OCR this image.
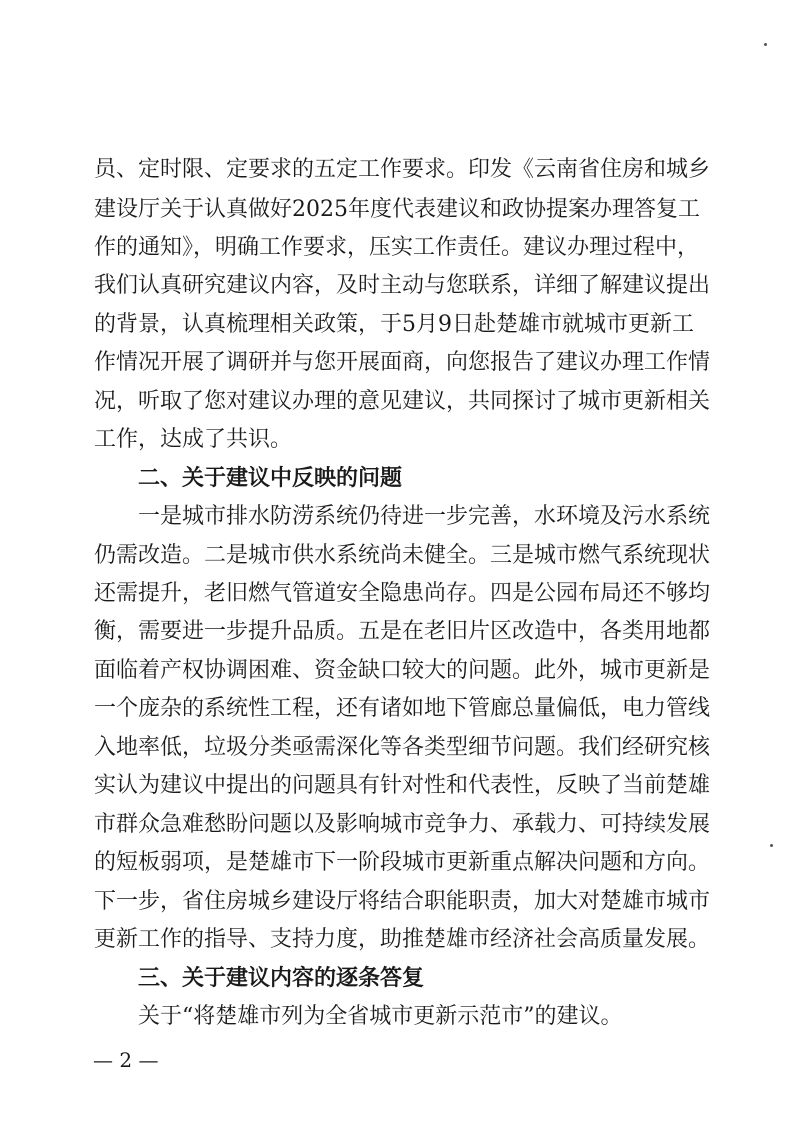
员、定时限、定要求的五定工作要求。印发《云南省住房和城乡
建设厅关于认真做好2025年度代表建议和政协提案办理答复工
作的通知》，明确工作要求，压实工作责任。建议办理过程中，
我们认真研究建议内容，及时主动与您联系，详细了解建议提出
的背景，认真梳理相关政策，于5月9日赴楚雄市就城市更新工
作情况开展了调研并与您开展面商，向您报告了建议办理工作情
况，听取了您对建议办理的意见建议，共同探讨了城市更新相关
工作，达成了共识。
二、关于建议中反映的问题
一是城市排水防涝系统仍待进一步完善，水环境及污水系统
仍需改造。二是城市供水系统尚未健全。三是城市燃气系统现状
还需提升，老旧燃气管道安全隐患尚存。四是公园布局还不够均
衡，需要进一步提升品质。五是在老旧片区改造中，各类用地都
面临着产权协调困难、资金缺口较大的问题。此外，城市更新是
一个庞杂的系统性工程，还有诸如地下管廊总量偏低，电力管线
入地率低，垃圾分类亟需深化等各类型细节问题。我们经研究核
实认为建议中提出的问题具有针对性和代表性，反映了当前楚雄
市群众急难愁盼问题以及影响城市竞争力、承载力、可持续发展
的短板弱项，是楚雄市下一阶段城市更新重点解决问题和方向。
下一步，省住房城乡建设厅将结合职能职责，加大对楚雄市城市
更新工作的指导、支持力度，助推楚雄市经济社会高质量发展。
三、关于建议内容的逐条答复
关于“将楚雄市列为全省城市更新示范市”的建议。
— 2 —
